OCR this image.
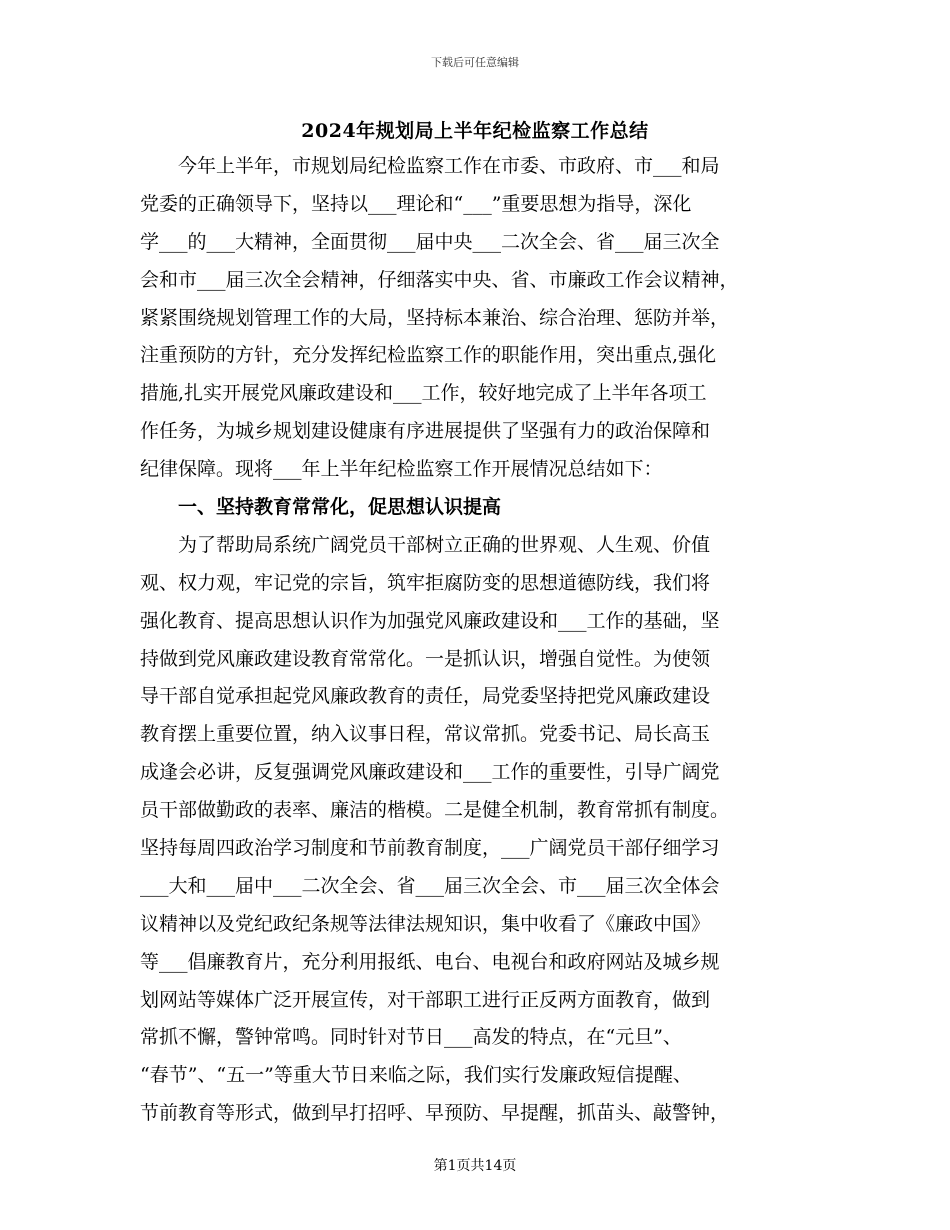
下载后可任意编辑
2024年规划局上半年纪检监察工作总结
今年上半年，市规划局纪检监察工作在市委、市政府、市___和局
党委的正确领导下，坚持以___理论和“___”重要思想为指导，深化
学___的___大精神，全面贯彻___届中央___二次全会、省___届三次全
会和市___届三次全会精神，仔细落实中央、省、市廉政工作会议精神，
紧紧围绕规划管理工作的大局，坚持标本兼治、综合治理、惩防并举，
注重预防的方针，充分发挥纪检监察工作的职能作用，突出重点,强化
措施,扎实开展党风廉政建设和___工作，较好地完成了上半年各项工
作任务，为城乡规划建设健康有序进展提供了坚强有力的政治保障和
纪律保障。现将___年上半年纪检监察工作开展情况总结如下：
一、坚持教育常常化，促思想认识提高
为了帮助局系统广阔党员干部树立正确的世界观、人生观、价值
观、权力观，牢记党的宗旨，筑牢拒腐防变的思想道德防线，我们将
强化教育、提高思想认识作为加强党风廉政建设和___工作的基础，坚
持做到党风廉政建设教育常常化。一是抓认识，增强自觉性。为使领
导干部自觉承担起党风廉政教育的责任，局党委坚持把党风廉政建设
教育摆上重要位置，纳入议事日程，常议常抓。党委书记、局长高玉
成逢会必讲，反复强调党风廉政建设和___工作的重要性，引导广阔党
员干部做勤政的表率、廉洁的楷模。二是健全机制，教育常抓有制度。
坚持每周四政治学习制度和节前教育制度，___广阔党员干部仔细学习
___大和___届中___二次全会、省___届三次全会、市___届三次全体会
议精神以及党纪政纪条规等法律法规知识，集中收看了《廉政中国》
等___倡廉教育片，充分利用报纸、电台、电视台和政府网站及城乡规
划网站等媒体广泛开展宣传，对干部职工进行正反两方面教育，做到
常抓不懈，警钟常鸣。同时针对节日___高发的特点，在“元旦”、
“春节”、“五一”等重大节日来临之际，我们实行发廉政短信提醒、
节前教育等形式，做到早打招呼、早预防、早提醒，抓苗头、敲警钟，
第1页共14页
